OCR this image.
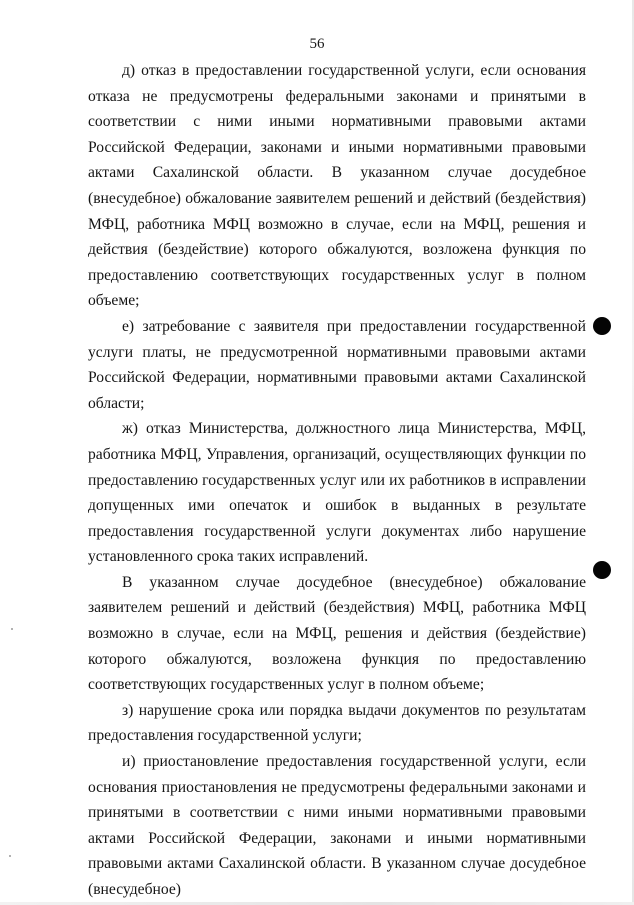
56

д) отказ в предоставлении государственной услуги, если основания отказа не предусмотрены федеральными законами и принятыми в соответствии с ними иными нормативными правовыми актами Российской Федерации, законами и иными нормативными правовыми актами Сахалинской области. В указанном случае досудебное (внесудебное) обжалование заявителем решений и действий (бездействия) МФЦ, работника МФЦ возможно в случае, если на МФЦ, решения и действия (бездействие) которого обжалуются, возложена функция по предоставлению соответствующих государственных услуг в полном объеме;

е) затребование с заявителя при предоставлении государственной услуги платы, не предусмотренной нормативными правовыми актами Российской Федерации, нормативными правовыми актами Сахалинской области;

ж) отказ Министерства, должностного лица Министерства, МФЦ, работника МФЦ, Управления, организаций, осуществляющих функции по предоставлению государственных услуг или их работников в исправлении допущенных ими опечаток и ошибок в выданных в результате предоставления государственной услуги документах либо нарушение установленного срока таких исправлений.

В указанном случае досудебное (внесудебное) обжалование заявителем решений и действий (бездействия) МФЦ, работника МФЦ возможно в случае, если на МФЦ, решения и действия (бездействие) которого обжалуются, возложена функция по предоставлению соответствующих государственных услуг в полном объеме;

з) нарушение срока или порядка выдачи документов по результатам предоставления государственной услуги;

и) приостановление предоставления государственной услуги, если основания приостановления не предусмотрены федеральными законами и принятыми в соответствии с ними иными нормативными правовыми актами Российской Федерации, законами и иными нормативными правовыми актами Сахалинской области. В указанном случае досудебное (внесудебное)
